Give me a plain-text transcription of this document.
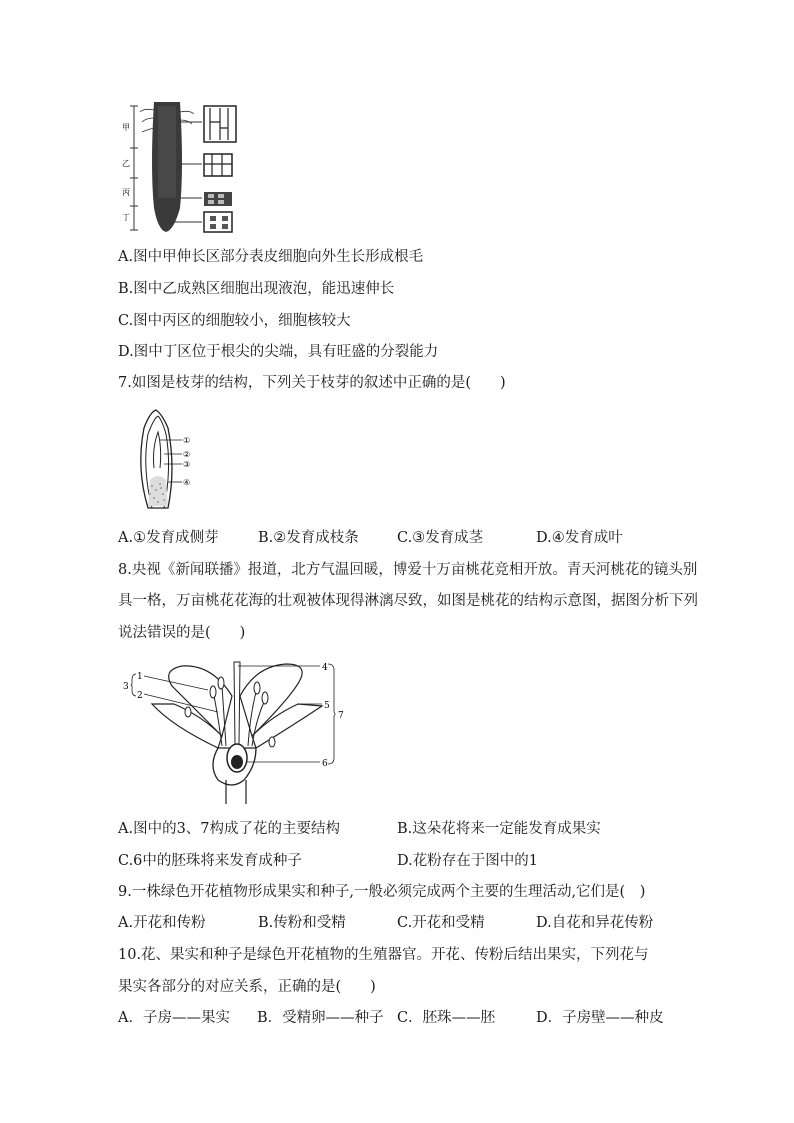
甲
乙
丙
丁
A.图中甲伸长区部分表皮细胞向外生长形成根毛
B.图中乙成熟区细胞出现液泡，能迅速伸长
C.图中丙区的细胞较小，细胞核较大
D.图中丁区位于根尖的尖端，具有旺盛的分裂能力
7.如图是枝芽的结构，下列关于枝芽的叙述中正确的是(　　)
①
②
③
④
A.①发育成侧芽	B.②发育成枝条	C.③发育成茎	D.④发育成叶
8.央视《新闻联播》报道，北方气温回暖，博爱十万亩桃花竞相开放。青天河桃花的镜头别
具一格，万亩桃花花海的壮观被体现得淋漓尽致，如图是桃花的结构示意图，据图分析下列
说法错误的是(　　)
1
2
3
4
5
6
7
A.图中的3、7构成了花的主要结构	B.这朵花将来一定能发育成果实
C.6中的胚珠将来发育成种子	D.花粉存在于图中的1
9.一株绿色开花植物形成果实和种子,一般必须完成两个主要的生理活动,它们是(　)
A.开花和传粉	B.传粉和受精	C.开花和受精	D.自花和异花传粉
10.花、果实和种子是绿色开花植物的生殖器官。开花、传粉后结出果实，下列花与
果实各部分的对应关系，正确的是(　　)
A．子房——果实 B．受精卵——种子 C．胚珠——胚	D．子房壁——种皮
